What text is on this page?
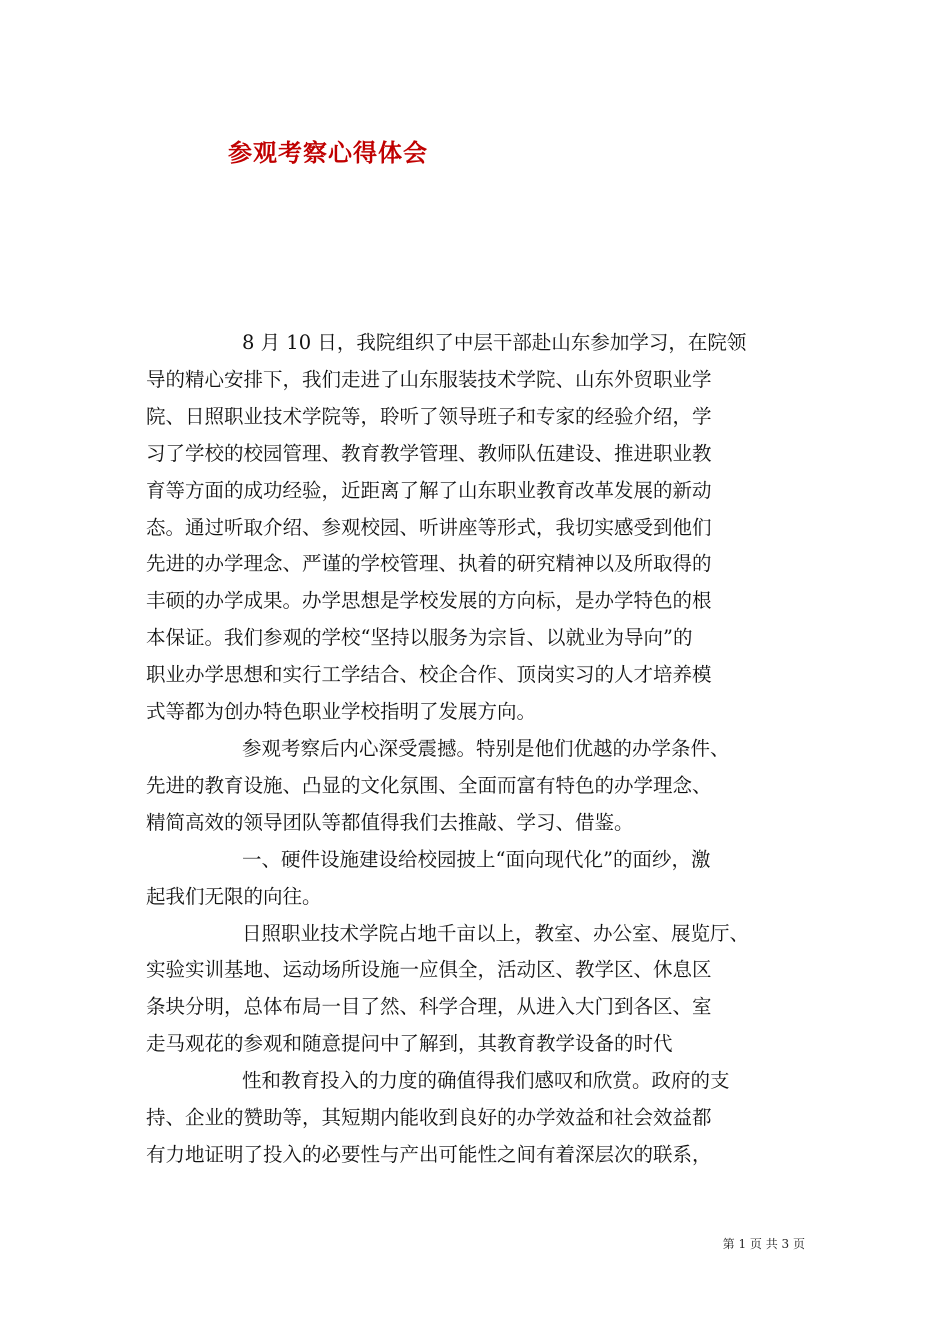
参观考察心得体会

8 月 10 日，我院组织了中层干部赴山东参加学习，在院领

导的精心安排下，我们走进了山东服装技术学院、山东外贸职业学

院、日照职业技术学院等，聆听了领导班子和专家的经验介绍，学

习了学校的校园管理、教育教学管理、教师队伍建设、推进职业教

育等方面的成功经验，近距离了解了山东职业教育改革发展的新动

态。通过听取介绍、参观校园、听讲座等形式，我切实感受到他们

先进的办学理念、严谨的学校管理、执着的研究精神以及所取得的

丰硕的办学成果。办学思想是学校发展的方向标，是办学特色的根

本保证。我们参观的学校“坚持以服务为宗旨、以就业为导向”的

职业办学思想和实行工学结合、校企合作、顶岗实习的人才培养模

式等都为创办特色职业学校指明了发展方向。

参观考察后内心深受震撼。特别是他们优越的办学条件、

先进的教育设施、凸显的文化氛围、全面而富有特色的办学理念、

精简高效的领导团队等都值得我们去推敲、学习、借鉴。

一、硬件设施建设给校园披上“面向现代化”的面纱，激

起我们无限的向往。

日照职业技术学院占地千亩以上，教室、办公室、展览厅、

实验实训基地、运动场所设施一应俱全，活动区、教学区、休息区

条块分明，总体布局一目了然、科学合理，从进入大门到各区、室

走马观花的参观和随意提问中了解到，其教育教学设备的时代

性和教育投入的力度的确值得我们感叹和欣赏。政府的支

持、企业的赞助等，其短期内能收到良好的办学效益和社会效益都

有力地证明了投入的必要性与产出可能性之间有着深层次的联系，

第 1 页 共 3 页
